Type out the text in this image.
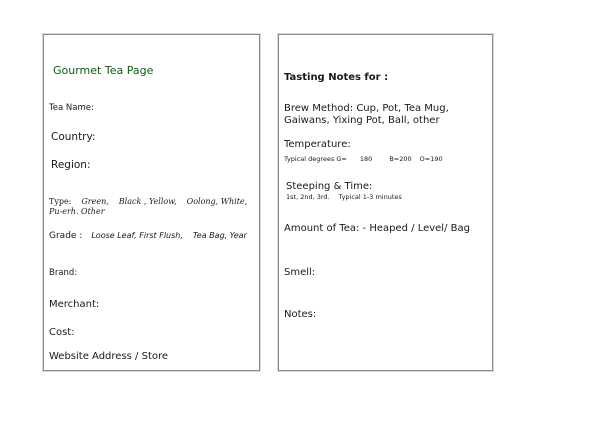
Gourmet Tea Page
Tea Name:
Country:
Region:
Type: Green, Black , Yellow, Oolong, White, Pu-erh. Other
Grade : Loose Leaf, First Flush, Tea Bag, Year
Brand:
Merchant:
Cost:
Website Address / Store
Tasting Notes for :
Brew Method: Cup, Pot, Tea Mug, Gaiwans, Yixing Pot, Ball, other
Temperature:
Typical degrees G= 180	B=200 O=190
Steeping & Time:
1st, 2nd, 3rd. Typical 1-3 minutes
Amount of Tea: - Heaped / Level/ Bag
Smell:
Notes:
